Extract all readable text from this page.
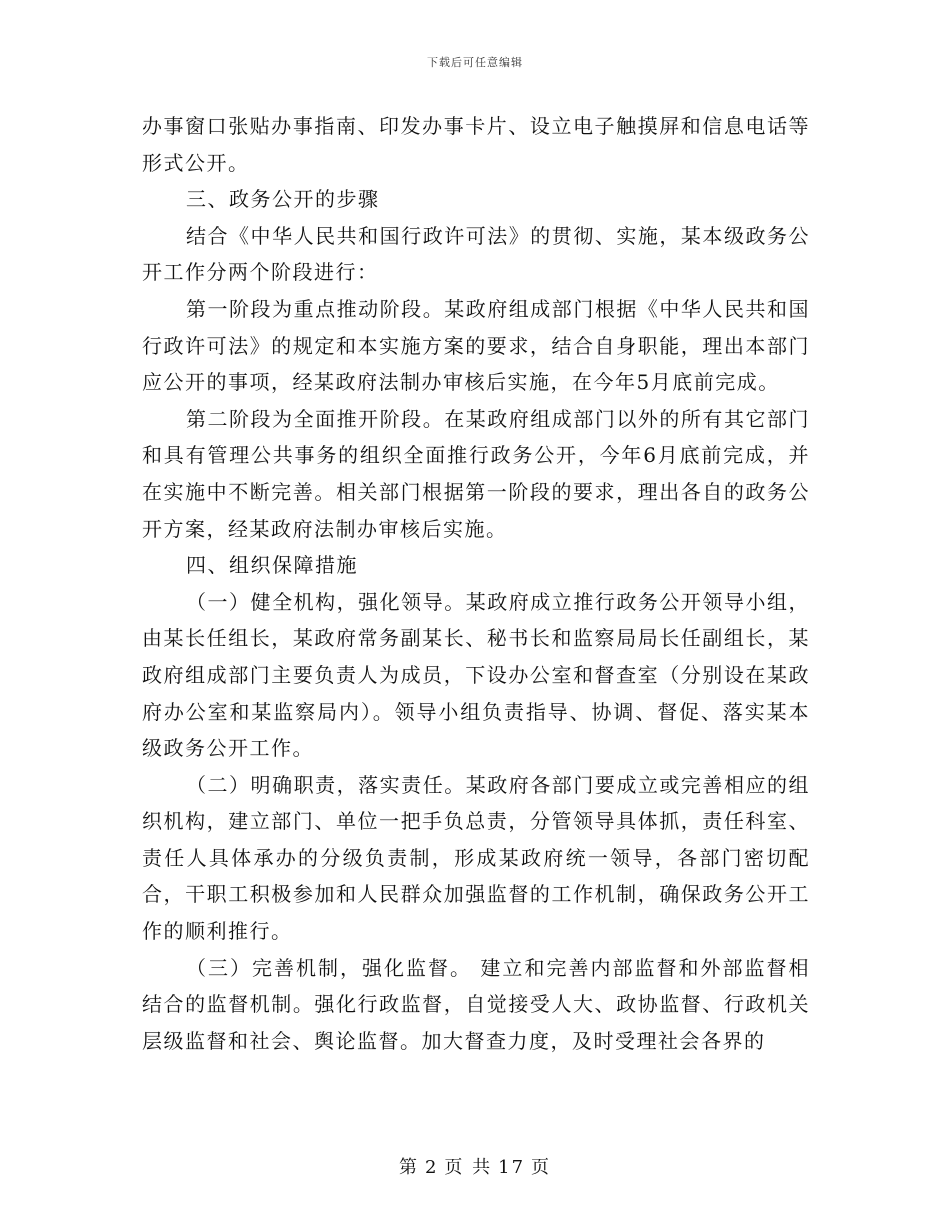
下载后可任意编辑

办事窗口张贴办事指南、印发办事卡片、设立电子触摸屏和信息电话等形式公开。

三、政务公开的步骤

结合《中华人民共和国行政许可法》的贯彻、实施，某本级政务公开工作分两个阶段进行：

第一阶段为重点推动阶段。某政府组成部门根据《中华人民共和国行政许可法》的规定和本实施方案的要求，结合自身职能，理出本部门应公开的事项，经某政府法制办审核后实施，在今年5月底前完成。

第二阶段为全面推开阶段。在某政府组成部门以外的所有其它部门和具有管理公共事务的组织全面推行政务公开，今年6月底前完成，并在实施中不断完善。相关部门根据第一阶段的要求，理出各自的政务公开方案，经某政府法制办审核后实施。

四、组织保障措施

（一）健全机构，强化领导。某政府成立推行政务公开领导小组，由某长任组长，某政府常务副某长、秘书长和监察局局长任副组长，某政府组成部门主要负责人为成员，下设办公室和督查室（分别设在某政府办公室和某监察局内）。领导小组负责指导、协调、督促、落实某本级政务公开工作。

（二）明确职责，落实责任。某政府各部门要成立或完善相应的组织机构，建立部门、单位一把手负总责，分管领导具体抓，责任科室、责任人具体承办的分级负责制，形成某政府统一领导，各部门密切配合，干职工积极参加和人民群众加强监督的工作机制，确保政务公开工作的顺利推行。

（三）完善机制，强化监督。 建立和完善内部监督和外部监督相结合的监督机制。强化行政监督，自觉接受人大、政协监督、行政机关层级监督和社会、舆论监督。加大督查力度，及时受理社会各界的

第 2 页 共 17 页
